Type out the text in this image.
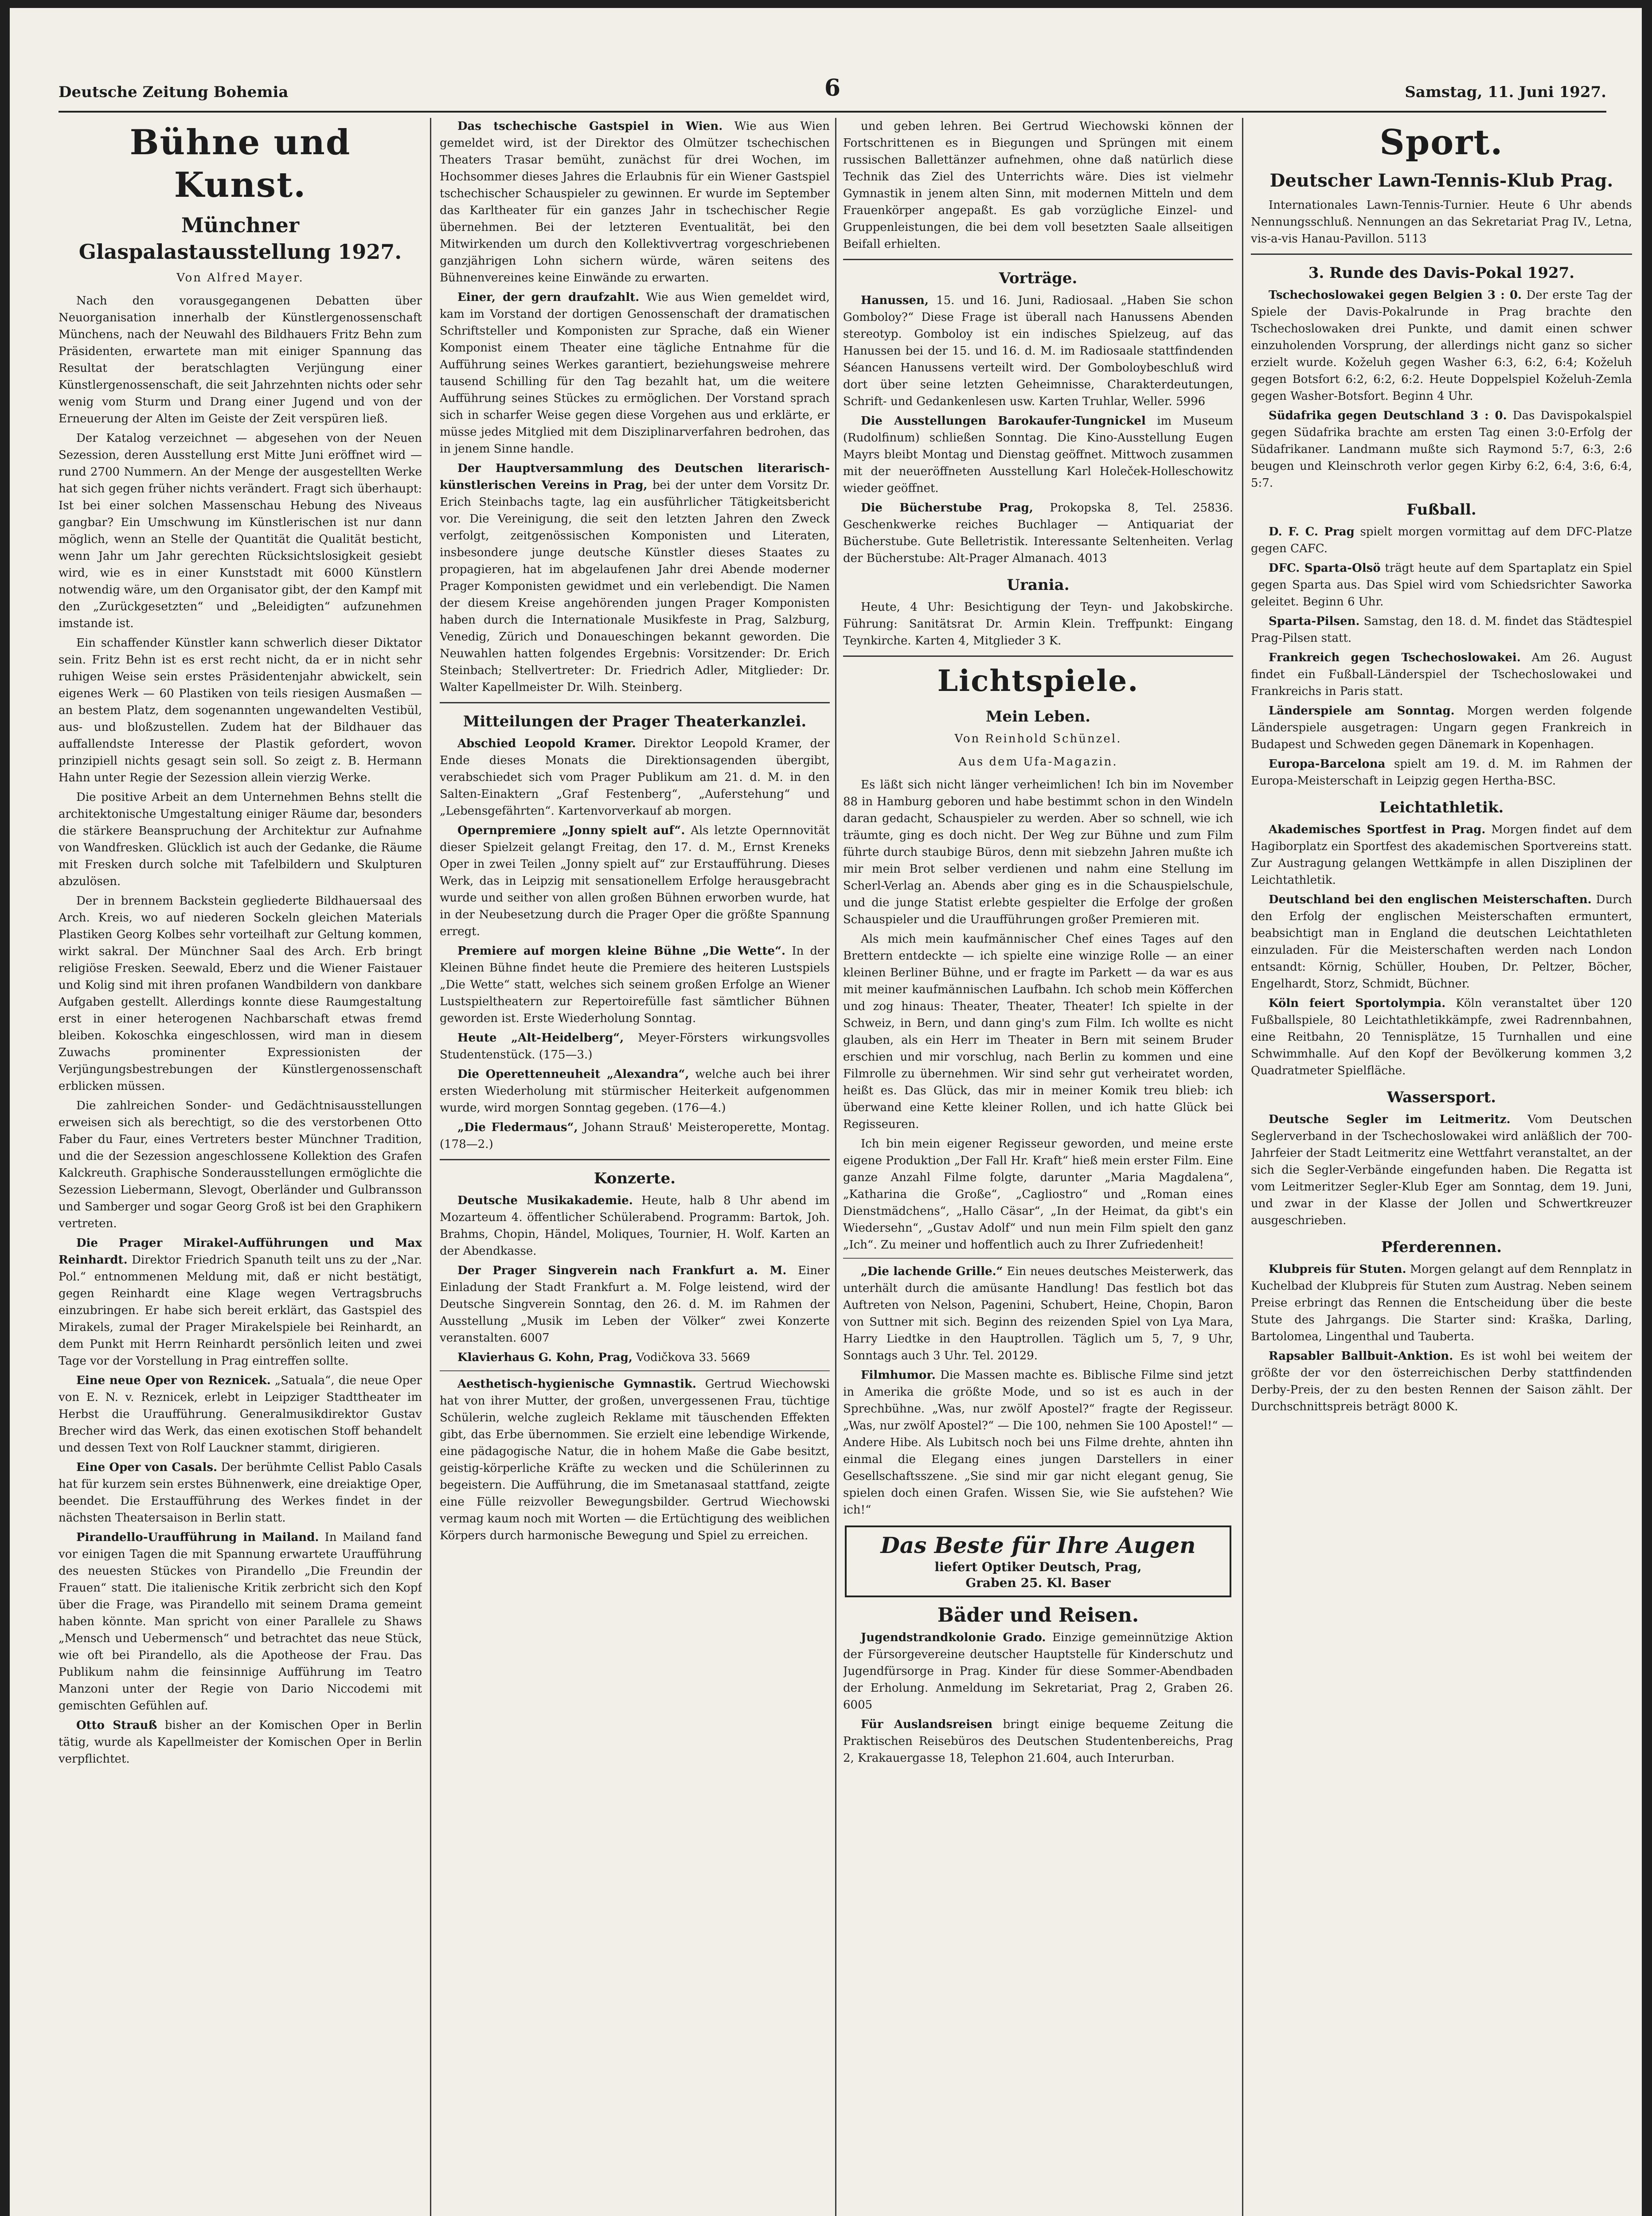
Deutsche Zeitung Bohemia	6	Samstag, 11. Juni 1927.
Bühne und Kunst.
Münchner Glaspalastausstellung 1927.
Von Alfred Mayer.

Nach den vorausgegangenen Debatten über Neuorganisation innerhalb der Künstlergenossenschaft Münchens, nach der Neuwahl des Bildhauers Fritz Behn zum Präsidenten, erwartete man mit einiger Spannung das Resultat der beratschlagten Verjüngung einer Künstlergenossenschaft, die seit Jahrzehnten nichts oder sehr wenig vom Sturm und Drang einer Jugend und von der Erneuerung der Alten im Geiste der Zeit verspüren ließ.

Der Katalog verzeichnet — abgesehen von der Neuen Sezession, deren Ausstellung erst Mitte Juni eröffnet wird — rund 2700 Nummern. An der Menge der ausgestellten Werke hat sich gegen früher nichts verändert. Fragt sich überhaupt: Ist bei einer solchen Massenschau Hebung des Niveaus gangbar? Ein Umschwung im Künstlerischen ist nur dann möglich, wenn an Stelle der Quantität die Qualität besticht, wenn Jahr um Jahr gerechten Rücksichtslosigkeit gesiebt wird, wie es in einer Kunststadt mit 6000 Künstlern notwendig wäre, um den Organisator gibt, der den Kampf mit den „Zurückgesetzten“ und „Beleidigten“ aufzunehmen imstande ist.

Ein schaffender Künstler kann schwerlich dieser Diktator sein. Fritz Behn ist es erst recht nicht, da er in nicht sehr ruhigen Weise sein erstes Präsidentenjahr abwickelt, sein eigenes Werk — 60 Plastiken von teils riesigen Ausmaßen — an bestem Platz, dem sogenannten ungewandelten Vestibül, aus- und bloßzustellen. Zudem hat der Bildhauer das auffallendste Interesse der Plastik gefordert, wovon prinzipiell nichts gesagt sein soll. So zeigt z. B. Hermann Hahn unter Regie der Sezession allein vierzig Werke.

Die positive Arbeit an dem Unternehmen Behns stellt die architektonische Umgestaltung einiger Räume dar, besonders die stärkere Beanspruchung der Architektur zur Aufnahme von Wandfresken. Glücklich ist auch der Gedanke, die Räume mit Fresken durch solche mit Tafelbildern und Skulpturen abzulösen.

Der in brennem Backstein gegliederte Bildhauersaal des Arch. Kreis, wo auf niederen Sockeln gleichen Materials Plastiken Georg Kolbes sehr vorteilhaft zur Geltung kommen, wirkt sakral. Der Münchner Saal des Arch. Erb bringt religiöse Fresken. Seewald, Eberz und die Wiener Faistauer und Kolig sind mit ihren profanen Wandbildern von dankbare Aufgaben gestellt. Allerdings konnte diese Raumgestaltung erst in einer heterogenen Nachbarschaft etwas fremd bleiben. Kokoschka eingeschlossen, wird man in diesem Zuwachs prominenter Expressionisten der Verjüngungsbestrebungen der Künstlergenossenschaft erblicken müssen.

Die zahlreichen Sonder- und Gedächtnisausstellungen erweisen sich als berechtigt, so die des verstorbenen Otto Faber du Faur, eines Vertreters bester Münchner Tradition, und die der Sezession angeschlossene Kollektion des Grafen Kalckreuth. Graphische Sonderausstellungen ermöglichte die Sezession Liebermann, Slevogt, Oberländer und Gulbransson und Samberger und sogar Georg Groß ist bei den Graphikern vertreten.

Die Prager Mirakel-Aufführungen und Max Reinhardt. Direktor Friedrich Spanuth teilt uns zu der „Nar. Pol.“ entnommenen Meldung mit, daß er nicht bestätigt, gegen Reinhardt eine Klage wegen Vertragsbruchs einzubringen. Er habe sich bereit erklärt, das Gastspiel des Mirakels, zumal der Prager Mirakelspiele bei Reinhardt, an dem Punkt mit Herrn Reinhardt persönlich leiten und zwei Tage vor der Vorstellung in Prag eintreffen sollte.

Eine neue Oper von Reznicek. „Satuala“, die neue Oper von E. N. v. Reznicek, erlebt in Leipziger Stadttheater im Herbst die Uraufführung. Generalmusikdirektor Gustav Brecher wird das Werk, das einen exotischen Stoff behandelt und dessen Text von Rolf Lauckner stammt, dirigieren.

Eine Oper von Casals. Der berühmte Cellist Pablo Casals hat für kurzem sein erstes Bühnenwerk, eine dreiaktige Oper, beendet. Die Erstaufführung des Werkes findet in der nächsten Theatersaison in Berlin statt.

Pirandello-Uraufführung in Mailand. In Mailand fand vor einigen Tagen die mit Spannung erwartete Uraufführung des neuesten Stückes von Pirandello „Die Freundin der Frauen“ statt. Die italienische Kritik zerbricht sich den Kopf über die Frage, was Pirandello mit seinem Drama gemeint haben könnte. Man spricht von einer Parallele zu Shaws „Mensch und Uebermensch“ und betrachtet das neue Stück, wie oft bei Pirandello, als die Apotheose der Frau. Das Publikum nahm die feinsinnige Aufführung im Teatro Manzoni unter der Regie von Dario Niccodemi mit gemischten Gefühlen auf.

Otto Strauß bisher an der Komischen Oper in Berlin tätig, wurde als Kapellmeister der Komischen Oper in Berlin verpflichtet.

Das tschechische Gastspiel in Wien. Wie aus Wien gemeldet wird, ist der Direktor des Olmützer tschechischen Theaters Trasar bemüht, zunächst für drei Wochen, im Hochsommer dieses Jahres die Erlaubnis für ein Wiener Gastspiel tschechischer Schauspieler zu gewinnen. Er wurde im September das Karltheater für ein ganzes Jahr in tschechischer Regie übernehmen. Bei der letzteren Eventualität, bei den Mitwirkenden um durch den Kollektivvertrag vorgeschriebenen ganzjährigen Lohn sichern würde, wären seitens des Bühnenvereines keine Einwände zu erwarten.

Einer, der gern draufzahlt. Wie aus Wien gemeldet wird, kam im Vorstand der dortigen Genossenschaft der dramatischen Schriftsteller und Komponisten zur Sprache, daß ein Wiener Komponist einem Theater eine tägliche Entnahme für die Aufführung seines Werkes garantiert, beziehungsweise mehrere tausend Schilling für den Tag bezahlt hat, um die weitere Aufführung seines Stückes zu ermöglichen. Der Vorstand sprach sich in scharfer Weise gegen diese Vorgehen aus und erklärte, er müsse jedes Mitglied mit dem Disziplinarverfahren bedrohen, das in jenem Sinne handle.

Der Hauptversammlung des Deutschen literarisch-künstlerischen Vereins in Prag, bei der unter dem Vorsitz Dr. Erich Steinbachs tagte, lag ein ausführlicher Tätigkeitsbericht vor. Die Vereinigung, die seit den letzten Jahren den Zweck verfolgt, zeitgenössischen Komponisten und Literaten, insbesondere junge deutsche Künstler dieses Staates zu propagieren, hat im abgelaufenen Jahr drei Abende moderner Prager Komponisten gewidmet und ein verlebendigt. Die Namen der diesem Kreise angehörenden jungen Prager Komponisten haben durch die Internationale Musikfeste in Prag, Salzburg, Venedig, Zürich und Donaueschingen bekannt geworden. Die Neuwahlen hatten folgendes Ergebnis: Vorsitzender: Dr. Erich Steinbach; Stellvertreter: Dr. Friedrich Adler, Mitglieder: Dr. Walter Kapellmeister Dr. Wilh. Steinberg.

Mitteilungen der Prager Theaterkanzlei.

Abschied Leopold Kramer. Direktor Leopold Kramer, der Ende dieses Monats die Direktionsagenden übergibt, verabschiedet sich vom Prager Publikum am 21. d. M. in den Salten-Einaktern „Graf Festenberg“, „Auferstehung“ und „Lebensgefährten“. Kartenvorverkauf ab morgen.

Opernpremiere „Jonny spielt auf“. Als letzte Opernnovität dieser Spielzeit gelangt Freitag, den 17. d. M., Ernst Kreneks Oper in zwei Teilen „Jonny spielt auf“ zur Erstaufführung. Dieses Werk, das in Leipzig mit sensationellem Erfolge herausgebracht wurde und seither von allen großen Bühnen erworben wurde, hat in der Neubesetzung durch die Prager Oper die größte Spannung erregt.

Premiere auf morgen kleine Bühne „Die Wette“. In der Kleinen Bühne findet heute die Premiere des heiteren Lustspiels „Die Wette“ statt, welches sich seinem großen Erfolge an Wiener Lustspieltheatern zur Repertoirefülle fast sämtlicher Bühnen geworden ist. Erste Wiederholung Sonntag.

Heute „Alt-Heidelberg“, Meyer-Försters wirkungsvolles Studentenstück. (175—3.)

Die Operettenneuheit „Alexandra“, welche auch bei ihrer ersten Wiederholung mit stürmischer Heiterkeit aufgenommen wurde, wird morgen Sonntag gegeben. (176—4.)

„Die Fledermaus“, Johann Strauß' Meisteroperette, Montag. (178—2.)

Konzerte.

Deutsche Musikakademie. Heute, halb 8 Uhr abend im Mozarteum 4. öffentlicher Schülerabend. Programm: Bartok, Joh. Brahms, Chopin, Händel, Moliques, Tournier, H. Wolf. Karten an der Abendkasse.

Der Prager Singverein nach Frankfurt a. M. Einer Einladung der Stadt Frankfurt a. M. Folge leistend, wird der Deutsche Singverein Sonntag, den 26. d. M. im Rahmen der Ausstellung „Musik im Leben der Völker“ zwei Konzerte veranstalten. 6007

Klavierhaus G. Kohn, Prag, Vodičkova 33. 5669

Aesthetisch-hygienische Gymnastik. Gertrud Wiechowski hat von ihrer Mutter, der großen, unvergessenen Frau, tüchtige Schülerin, welche zugleich Reklame mit täuschenden Effekten gibt, das Erbe übernommen. Sie erzielt eine lebendige Wirkende, eine pädagogische Natur, die in hohem Maße die Gabe besitzt, geistig-körperliche Kräfte zu wecken und die Schülerinnen zu begeistern. Die Aufführung, die im Smetanasaal stattfand, zeigte eine Fülle reizvoller Bewegungsbilder. Gertrud Wiechowski vermag kaum noch mit Worten — die Ertüchtigung des weiblichen Körpers durch harmonische Bewegung und Spiel zu erreichen.

und geben lehren. Bei Gertrud Wiechowski können der Fortschrittenen es in Biegungen und Sprüngen mit einem russischen Ballettänzer aufnehmen, ohne daß natürlich diese Technik das Ziel des Unterrichts wäre. Dies ist vielmehr Gymnastik in jenem alten Sinn, mit modernen Mitteln und dem Frauenkörper angepaßt. Es gab vorzügliche Einzel- und Gruppenleistungen, die bei dem voll besetzten Saale allseitigen Beifall erhielten.

Vorträge.

Hanussen, 15. und 16. Juni, Radiosaal. „Haben Sie schon Gomboloy?“ Diese Frage ist überall nach Hanussens Abenden stereotyp. Gomboloy ist ein indisches Spielzeug, auf das Hanussen bei der 15. und 16. d. M. im Radiosaale stattfindenden Séancen Hanussens verteilt wird. Der Gomboloybeschluß wird dort über seine letzten Geheimnisse, Charakterdeutungen, Schrift- und Gedankenlesen usw. Karten Truhlar, Weller. 5996

Die Ausstellungen Barokaufer-Tungnickel im Museum (Rudolfinum) schließen Sonntag. Die Kino-Ausstellung Eugen Mayrs bleibt Montag und Dienstag geöffnet. Mittwoch zusammen mit der neueröffneten Ausstellung Karl Holeček-Holleschowitz wieder geöffnet.

Die Bücherstube Prag, Prokopska 8, Tel. 25836. Geschenkwerke reiches Buchlager — Antiquariat der Bücherstube. Gute Belletristik. Interessante Seltenheiten. Verlag der Bücherstube: Alt-Prager Almanach. 4013

Urania.

Heute, 4 Uhr: Besichtigung der Teyn- und Jakobskirche. Führung: Sanitätsrat Dr. Armin Klein. Treffpunkt: Eingang Teynkirche. Karten 4, Mitglieder 3 K.

Lichtspiele.
Mein Leben.
Von Reinhold Schünzel.
Aus dem Ufa-Magazin.

Es läßt sich nicht länger verheimlichen! Ich bin im November 88 in Hamburg geboren und habe bestimmt schon in den Windeln daran gedacht, Schauspieler zu werden. Aber so schnell, wie ich träumte, ging es doch nicht. Der Weg zur Bühne und zum Film führte durch staubige Büros, denn mit siebzehn Jahren mußte ich mir mein Brot selber verdienen und nahm eine Stellung im Scherl-Verlag an. Abends aber ging es in die Schauspielschule, und die junge Statist erlebte gespielter die Erfolge der großen Schauspieler und die Uraufführungen großer Premieren mit.

Als mich mein kaufmännischer Chef eines Tages auf den Brettern entdeckte — ich spielte eine winzige Rolle — an einer kleinen Berliner Bühne, und er fragte im Parkett — da war es aus mit meiner kaufmännischen Laufbahn. Ich schob mein Köfferchen und zog hinaus: Theater, Theater, Theater! Ich spielte in der Schweiz, in Bern, und dann ging's zum Film. Ich wollte es nicht glauben, als ein Herr im Theater in Bern mit seinem Bruder erschien und mir vorschlug, nach Berlin zu kommen und eine Filmrolle zu übernehmen. Wir sind sehr gut verheiratet worden, heißt es. Das Glück, das mir in meiner Komik treu blieb: ich überwand eine Kette kleiner Rollen, und ich hatte Glück bei Regisseuren.

Ich bin mein eigener Regisseur geworden, und meine erste eigene Produktion „Der Fall Hr. Kraft“ hieß mein erster Film. Eine ganze Anzahl Filme folgte, darunter „Maria Magdalena“, „Katharina die Große“, „Cagliostro“ und „Roman eines Dienstmädchens“, „Hallo Cäsar“, „In der Heimat, da gibt's ein Wiedersehn“, „Gustav Adolf“ und nun mein Film spielt den ganz „Ich“. Zu meiner und hoffentlich auch zu Ihrer Zufriedenheit!

„Die lachende Grille.“ Ein neues deutsches Meisterwerk, das unterhält durch die amüsante Handlung! Das festlich bot das Auftreten von Nelson, Pagenini, Schubert, Heine, Chopin, Baron von Suttner mit sich. Beginn des reizenden Spiel von Lya Mara, Harry Liedtke in den Hauptrollen. Täglich um 5, 7, 9 Uhr, Sonntags auch 3 Uhr. Tel. 20129.

Filmhumor. Die Massen machte es. Biblische Filme sind jetzt in Amerika die größte Mode, und so ist es auch in der Sprechbühne. „Was, nur zwölf Apostel?“ fragte der Regisseur. „Was, nur zwölf Apostel?“ — Die 100, nehmen Sie 100 Apostel!“ — Andere Hibe. Als Lubitsch noch bei uns Filme drehte, ahnten ihn einmal die Elegang eines jungen Darstellers in einer Gesellschaftsszene. „Sie sind mir gar nicht elegant genug, Sie spielen doch einen Grafen. Wissen Sie, wie Sie aufstehen? Wie ich!“

Das Beste für Ihre Augen
liefert Optiker Deutsch, Prag,
Graben 25. Kl. Baser
Bäder und Reisen.

Jugendstrandkolonie Grado. Einzige gemeinnützige Aktion der Fürsorgevereine deutscher Hauptstelle für Kinderschutz und Jugendfürsorge in Prag. Kinder für diese Sommer-Abendbaden der Erholung. Anmeldung im Sekretariat, Prag 2, Graben 26. 6005

Für Auslandsreisen bringt einige bequeme Zeitung die Praktischen Reisebüros des Deutschen Studentenbereichs, Prag 2, Krakauergasse 18, Telephon 21.604, auch Interurban.

Sport.
Deutscher Lawn-Tennis-Klub Prag.

Internationales Lawn-Tennis-Turnier. Heute 6 Uhr abends Nennungsschluß. Nennungen an das Sekretariat Prag IV., Letna, vis-a-vis Hanau-Pavillon. 5113

3. Runde des Davis-Pokal 1927.

Tschechoslowakei gegen Belgien 3 : 0. Der erste Tag der Spiele der Davis-Pokalrunde in Prag brachte den Tschechoslowaken drei Punkte, und damit einen schwer einzuholenden Vorsprung, der allerdings nicht ganz so sicher erzielt wurde. Koželuh gegen Washer 6:3, 6:2, 6:4; Koželuh gegen Botsfort 6:2, 6:2, 6:2. Heute Doppelspiel Koželuh-Zemla gegen Washer-Botsfort. Beginn 4 Uhr.

Südafrika gegen Deutschland 3 : 0. Das Davispokalspiel gegen Südafrika brachte am ersten Tag einen 3:0-Erfolg der Südafrikaner. Landmann mußte sich Raymond 5:7, 6:3, 2:6 beugen und Kleinschroth verlor gegen Kirby 6:2, 6:4, 3:6, 6:4, 5:7.

Fußball.

D. F. C. Prag spielt morgen vormittag auf dem DFC-Platze gegen CAFC.

DFC. Sparta-Olsö trägt heute auf dem Spartaplatz ein Spiel gegen Sparta aus. Das Spiel wird vom Schiedsrichter Saworka geleitet. Beginn 6 Uhr.

Sparta-Pilsen. Samstag, den 18. d. M. findet das Städtespiel Prag-Pilsen statt.

Frankreich gegen Tschechoslowakei. Am 26. August findet ein Fußball-Länderspiel der Tschechoslowakei und Frankreichs in Paris statt.

Länderspiele am Sonntag. Morgen werden folgende Länderspiele ausgetragen: Ungarn gegen Frankreich in Budapest und Schweden gegen Dänemark in Kopenhagen.

Europa-Barcelona spielt am 19. d. M. im Rahmen der Europa-Meisterschaft in Leipzig gegen Hertha-BSC.

Leichtathletik.

Akademisches Sportfest in Prag. Morgen findet auf dem Hagiborplatz ein Sportfest des akademischen Sportvereins statt. Zur Austragung gelangen Wettkämpfe in allen Disziplinen der Leichtathletik.

Deutschland bei den englischen Meisterschaften. Durch den Erfolg der englischen Meisterschaften ermuntert, beabsichtigt man in England die deutschen Leichtathleten einzuladen. Für die Meisterschaften werden nach London entsandt: Körnig, Schüller, Houben, Dr. Peltzer, Böcher, Engelhardt, Storz, Schmidt, Büchner.

Köln feiert Sportolympia. Köln veranstaltet über 120 Fußballspiele, 80 Leichtathletikkämpfe, zwei Radrennbahnen, eine Reitbahn, 20 Tennisplätze, 15 Turnhallen und eine Schwimmhalle. Auf den Kopf der Bevölkerung kommen 3,2 Quadratmeter Spielfläche.

Wassersport.

Deutsche Segler im Leitmeritz. Vom Deutschen Seglerverband in der Tschechoslowakei wird anläßlich der 700-Jahrfeier der Stadt Leitmeritz eine Wettfahrt veranstaltet, an der sich die Segler-Verbände eingefunden haben. Die Regatta ist vom Leitmeritzer Segler-Klub Eger am Sonntag, dem 19. Juni, und zwar in der Klasse der Jollen und Schwertkreuzer ausgeschrieben.

Pferderennen.

Klubpreis für Stuten. Morgen gelangt auf dem Rennplatz in Kuchelbad der Klubpreis für Stuten zum Austrag. Neben seinem Preise erbringt das Rennen die Entscheidung über die beste Stute des Jahrgangs. Die Starter sind: Kraška, Darling, Bartolomea, Lingenthal und Tauberta.

Rapsabler Ballbuit-Anktion. Es ist wohl bei weitem der größte der vor den österreichischen Derby stattfindenden Derby-Preis, der zu den besten Rennen der Saison zählt. Der Durchschnittspreis beträgt 8000 K.
